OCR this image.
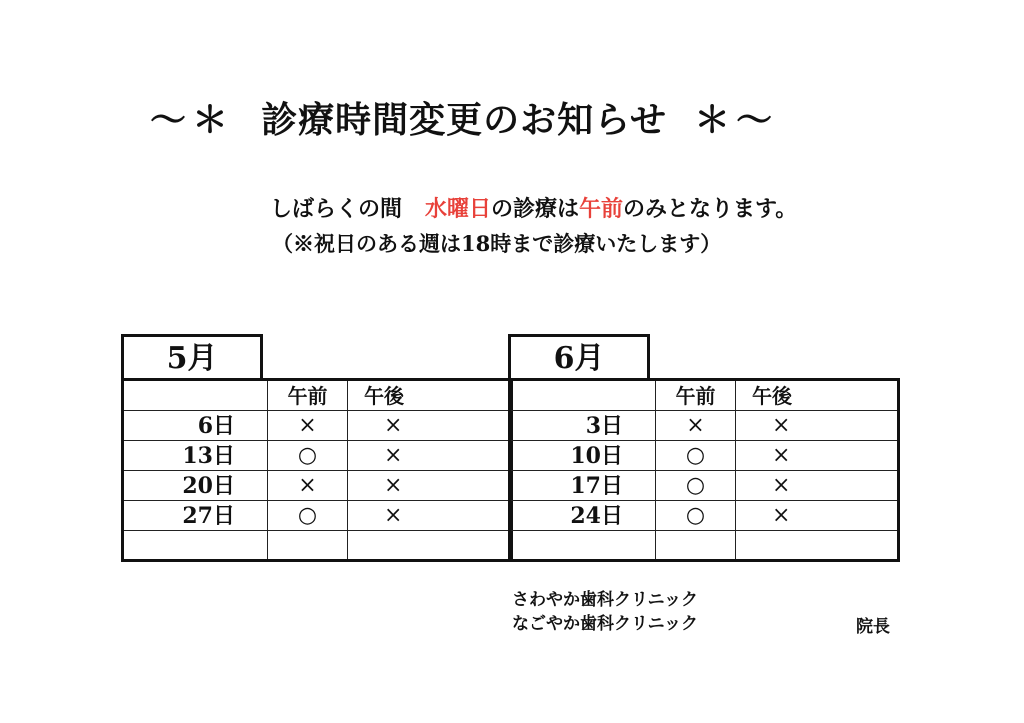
～＊ 診療時間変更のお知らせ ＊～
しばらくの間 水曜日の診療は午前のみとなります。
（※祝日のある週は18時まで診療いたします）
5月
	午前	午後
6日	×	×
13日	○	×
20日	×	×
27日	○	×

6月
	午前	午後
3日	×	×
10日	○	×
17日	○	×
24日	○	×

さわやか歯科クリニック
なごやか歯科クリニック	院長
